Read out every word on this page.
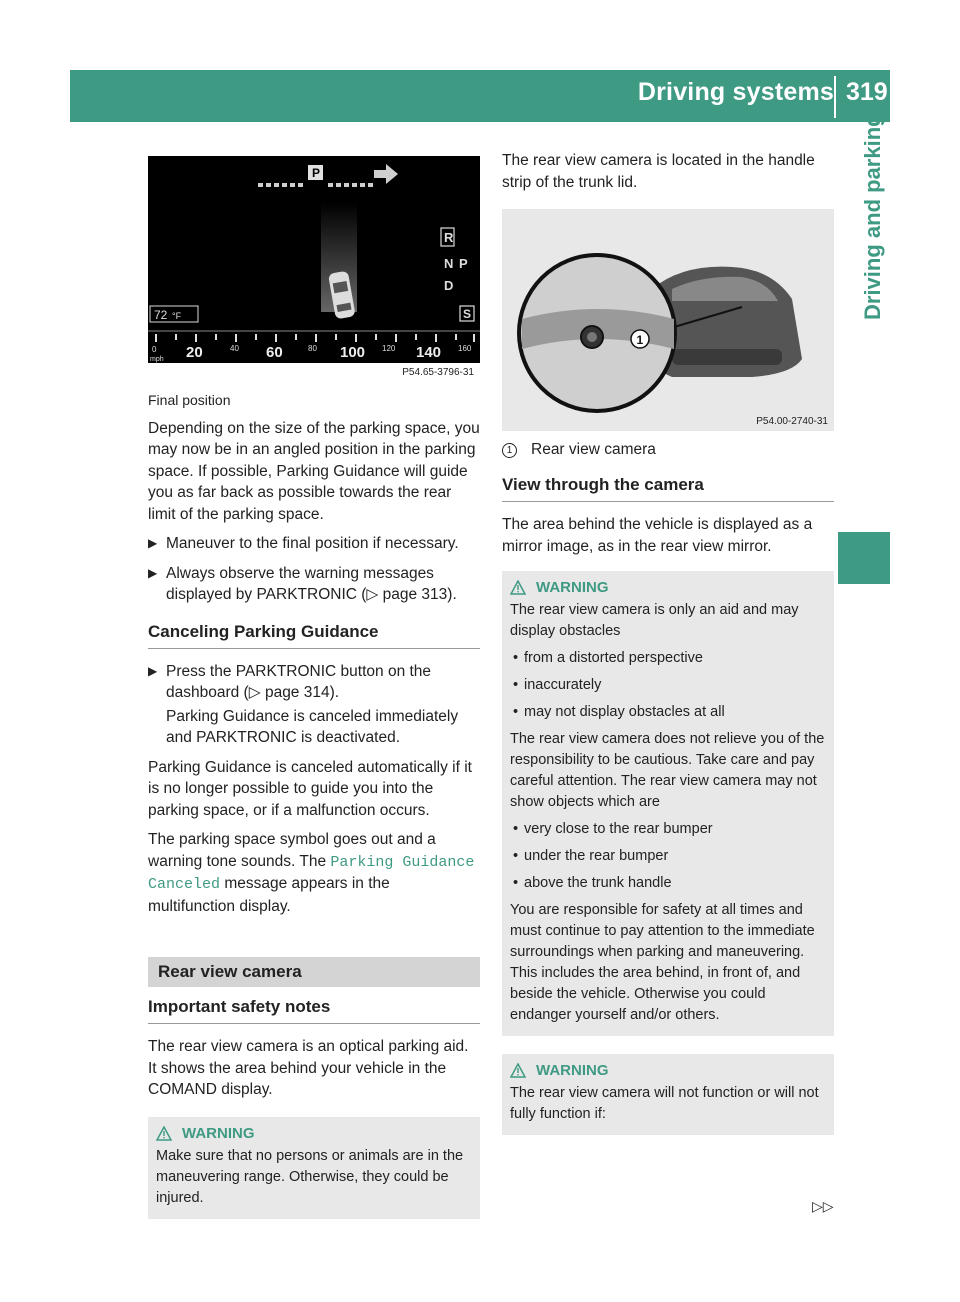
Driving systems 319
Driving and parking
P
R
N P
D
S
72 °F
0
mph 20	40 60	80 100 120 140 160
P54.65-3796-31

Final position

Depending on the size of the parking space, you may now be in an angled position in the parking space. If possible, Parking Guidance will guide you as far back as possible towards the rear limit of the parking space.

▶ Maneuver to the final position if necessary.

▶ Always observe the warning messages displayed by PARKTRONIC (▷ page 313).

Canceling Parking Guidance

▶ Press the PARKTRONIC button on the dashboard (▷ page 314).

Parking Guidance is canceled immediately and PARKTRONIC is deactivated.

Parking Guidance is canceled automatically if it is no longer possible to guide you into the parking space, or if a malfunction occurs.

The parking space symbol goes out and a warning tone sounds. The Parking Guidance Canceled message appears in the multifunction display.

Rear view camera
Important safety notes

The rear view camera is an optical parking aid. It shows the area behind your vehicle in the COMAND display.

WARNING

Make sure that no persons or animals are in the maneuvering range. Otherwise, they could be injured.

The rear view camera is located in the handle strip of the trunk lid.

1
P54.00-2740-31
1	Rear view camera
View through the camera

The area behind the vehicle is displayed as a mirror image, as in the rear view mirror.

WARNING

The rear view camera is only an aid and may display obstacles

• from a distorted perspective

• inaccurately

• may not display obstacles at all

The rear view camera does not relieve you of the responsibility to be cautious. Take care and pay careful attention. The rear view camera may not show objects which are

• very close to the rear bumper

• under the rear bumper

• above the trunk handle

You are responsible for safety at all times and must continue to pay attention to the immediate surroundings when parking and maneuvering. This includes the area behind, in front of, and beside the vehicle. Otherwise you could endanger yourself and/or others.

WARNING

The rear view camera will not function or will not fully function if:

▷▷
